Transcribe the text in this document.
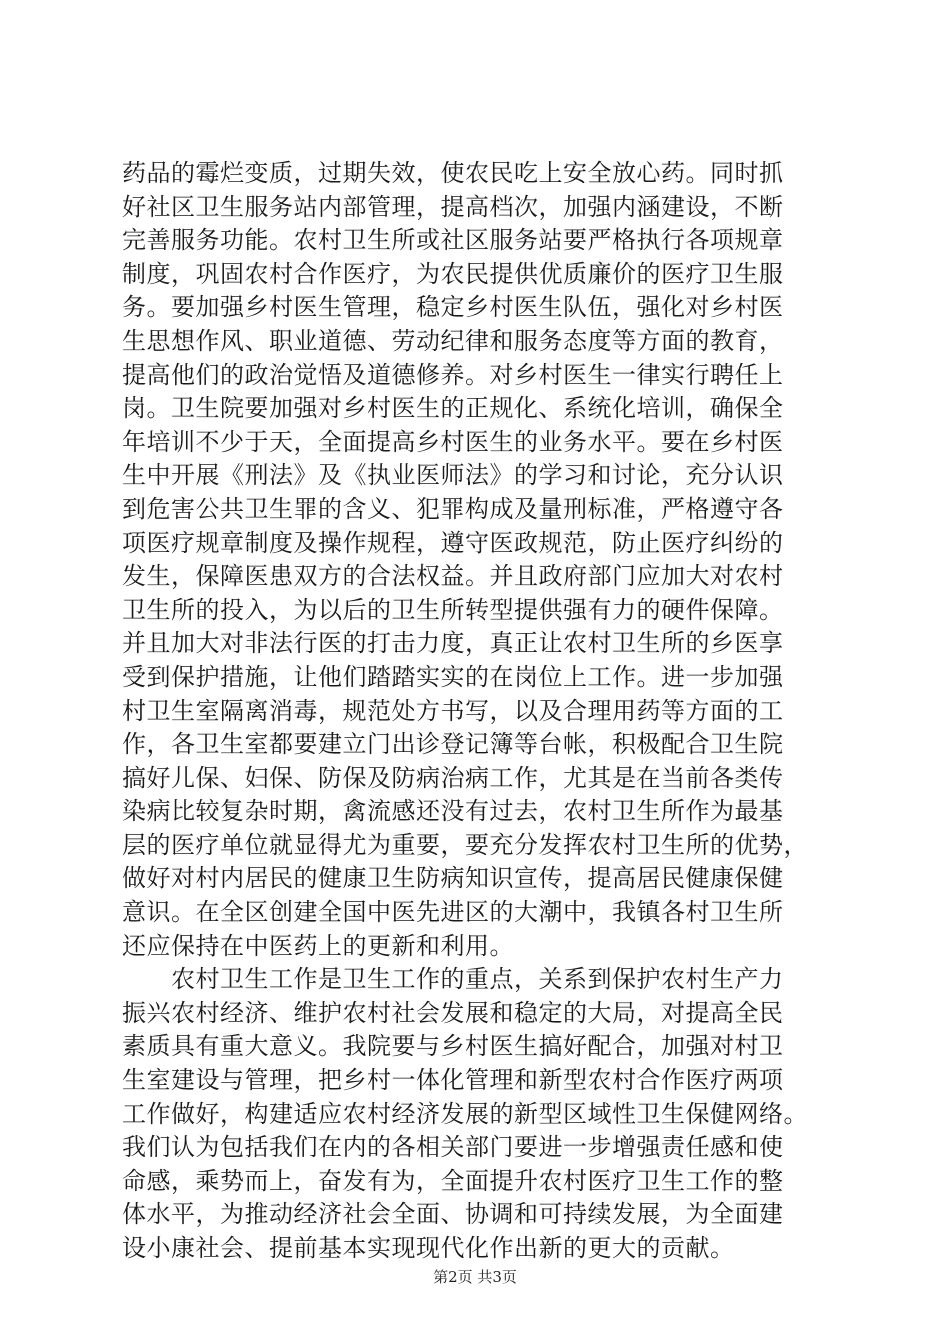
药品的霉烂变质，过期失效，使农民吃上安全放心药。同时抓
好社区卫生服务站内部管理，提高档次，加强内涵建设，不断
完善服务功能。农村卫生所或社区服务站要严格执行各项规章
制度，巩固农村合作医疗，为农民提供优质廉价的医疗卫生服
务。要加强乡村医生管理，稳定乡村医生队伍，强化对乡村医
生思想作风、职业道德、劳动纪律和服务态度等方面的教育，
提高他们的政治觉悟及道德修养。对乡村医生一律实行聘任上
岗。卫生院要加强对乡村医生的正规化、系统化培训，确保全
年培训不少于天，全面提高乡村医生的业务水平。要在乡村医
生中开展《刑法》及《执业医师法》的学习和讨论，充分认识
到危害公共卫生罪的含义、犯罪构成及量刑标准，严格遵守各
项医疗规章制度及操作规程，遵守医政规范，防止医疗纠纷的
发生，保障医患双方的合法权益。并且政府部门应加大对农村
卫生所的投入，为以后的卫生所转型提供强有力的硬件保障。
并且加大对非法行医的打击力度，真正让农村卫生所的乡医享
受到保护措施，让他们踏踏实实的在岗位上工作。进一步加强
村卫生室隔离消毒，规范处方书写，以及合理用药等方面的工
作，各卫生室都要建立门出诊登记簿等台帐，积极配合卫生院
搞好儿保、妇保、防保及防病治病工作，尤其是在当前各类传
染病比较复杂时期，禽流感还没有过去，农村卫生所作为最基
层的医疗单位就显得尤为重要，要充分发挥农村卫生所的优势，
做好对村内居民的健康卫生防病知识宣传，提高居民健康保健
意识。在全区创建全国中医先进区的大潮中，我镇各村卫生所
还应保持在中医药上的更新和利用。
　　农村卫生工作是卫生工作的重点，关系到保护农村生产力
振兴农村经济、维护农村社会发展和稳定的大局，对提高全民
素质具有重大意义。我院要与乡村医生搞好配合，加强对村卫
生室建设与管理，把乡村一体化管理和新型农村合作医疗两项
工作做好，构建适应农村经济发展的新型区域性卫生保健网络。
我们认为包括我们在内的各相关部门要进一步增强责任感和使
命感，乘势而上，奋发有为，全面提升农村医疗卫生工作的整
体水平，为推动经济社会全面、协调和可持续发展，为全面建
设小康社会、提前基本实现现代化作出新的更大的贡献。
第2页 共3页
